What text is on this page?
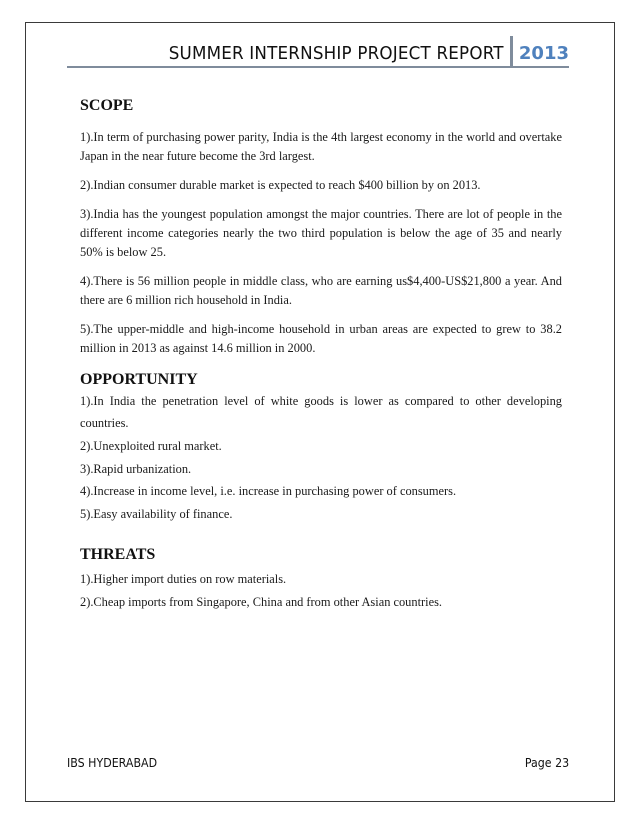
SUMMER INTERNSHIP PROJECT REPORT 2013
SCOPE

1).In term of purchasing power parity, India is the 4th largest economy in the world and overtake Japan in the near future become the 3rd largest.

2).Indian consumer durable market is expected to reach $400 billion by on 2013.

3).India has the youngest population amongst the major countries. There are lot of people in the different income categories nearly the two third population is below the age of 35 and nearly 50% is below 25.

4).There is 56 million people in middle class, who are earning us$4,400-US$21,800 a year. And there are 6 million rich household in India.

5).The upper-middle and high-income household in urban areas are expected to grew to 38.2 million in 2013 as against 14.6 million in 2000.

OPPORTUNITY

1).In India the penetration level of white goods is lower as compared to other developing countries.

2).Unexploited rural market.

3).Rapid urbanization.

4).Increase in income level, i.e. increase in purchasing power of consumers.

5).Easy availability of finance.

THREATS

1).Higher import duties on row materials.

2).Cheap imports from Singapore, China and from other Asian countries.

IBS HYDERABAD	Page 23
